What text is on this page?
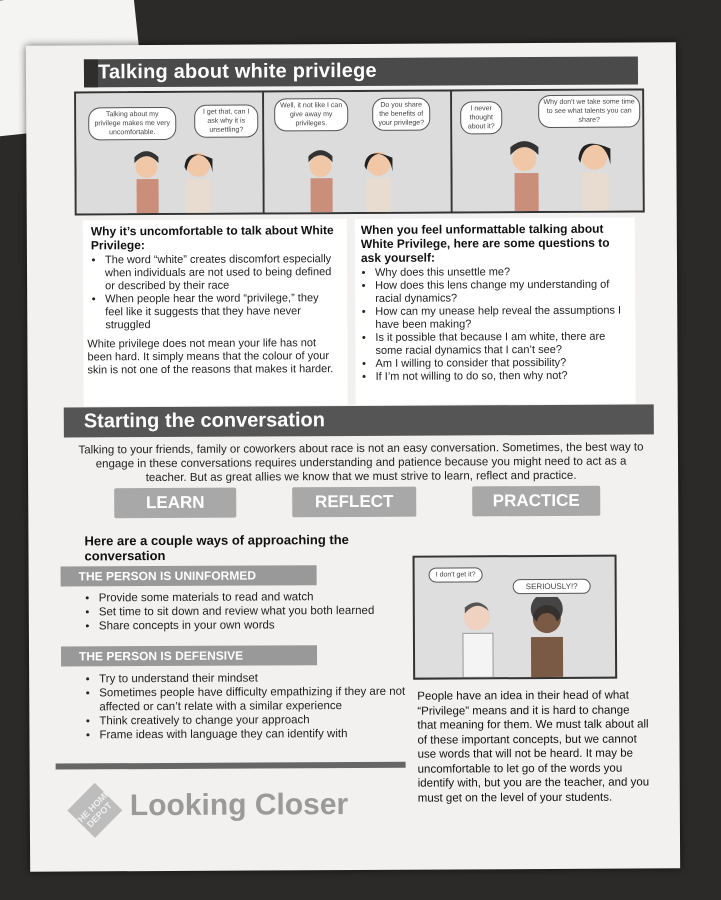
Talking about white privilege
Talking about my privilege makes me very uncomfortable.
I get that, can I ask why it is unsettling?
Well, it not like I can give away my privileges.
Do you share the benefits of your privilege?
I never thought about it?
Why don't we take some time to see what talents you can share?
Why it’s uncomfortable to talk about White Privilege:
• The word “white” creates discomfort especially when individuals are not used to being defined or described by their race
• When people hear the word “privilege,” they feel like it suggests that they have never struggled
White privilege does not mean your life has not been hard. It simply means that the colour of your skin is not one of the reasons that makes it harder.
When you feel unformattable talking about White Privilege, here are some questions to ask yourself:
• Why does this unsettle me?
• How does this lens change my understanding of racial dynamics?
• How can my unease help reveal the assumptions I have been making?
• Is it possible that because I am white, there are some racial dynamics that I can’t see?
• Am I willing to consider that possibility?
• If I’m not willing to do so, then why not?
Starting the conversation
Talking to your friends, family or coworkers about race is not an easy conversation. Sometimes, the best way to engage in these conversations requires understanding and patience because you might need to act as a teacher. But as great allies we know that we must strive to learn, reflect and practice.
LEARN	REFLECT	PRACTICE
Here are a couple ways of approaching the conversation
THE PERSON IS UNINFORMED
• Provide some materials to read and watch
• Set time to sit down and review what you both learned
• Share concepts in your own words
THE PERSON IS DEFENSIVE
• Try to understand their mindset
• Sometimes people have difficulty empathizing if they are not affected or can’t relate with a similar experience
• Think creatively to change your approach
• Frame ideas with language they can identify with
I don't get it?
SERIOUSLY!?
People have an idea in their head of what “Privilege” means and it is hard to change that meaning for them. We must talk about all of these important concepts, but we cannot use words that will not be heard. It may be uncomfortable to let go of the words you identify with, but you are the teacher, and you must get on the level of your students.
THE HOME DEPOT Looking Closer
